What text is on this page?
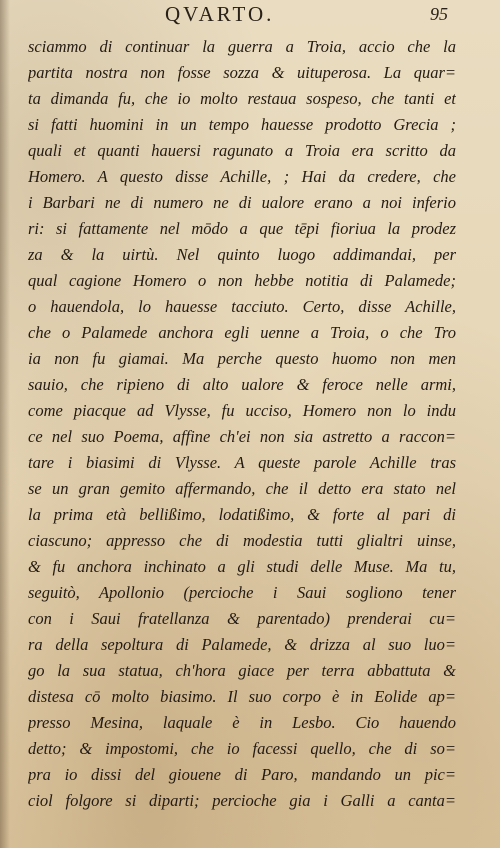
QVARTO.	95
sciammo di continuar la guerra a Troia, accio che la
partita nostra non fosse sozza & uituperosa. La quar=
ta dimanda fu, che io molto restaua sospeso, che tanti et
si fatti huomini in un tempo hauesse prodotto Grecia ;
quali et quanti hauersi ragunato a Troia era scritto da
Homero. A questo disse Achille, ; Hai da credere, che
i Barbari ne di numero ne di ualore erano a noi inferio
ri: si fattamente nel mōdo a que tēpi fioriua la prodez
za & la uirtù. Nel quinto luogo addimandai, per
qual cagione Homero o non hebbe notitia di Palamede;
o hauendola, lo hauesse tacciuto. Certo, disse Achille,
che o Palamede anchora egli uenne a Troia, o che Tro
ia non fu giamai. Ma perche questo huomo non men
sauio, che ripieno di alto ualore & feroce nelle armi,
come piacque ad Vlysse, fu ucciso, Homero non lo indu
ce nel suo Poema, affine ch'ei non sia astretto a raccon=
tare i biasimi di Vlysse. A queste parole Achille tras
se un gran gemito affermando, che il detto era stato nel
la prima età bellißimo, lodatißimo, & forte al pari di
ciascuno; appresso che di modestia tutti glialtri uinse,
& fu anchora inchinato a gli studi delle Muse. Ma tu,
seguitò, Apollonio (percioche i Saui sogliono tener
con i Saui fratellanza & parentado) prenderai cu=
ra della sepoltura di Palamede, & drizza al suo luo=
go la sua statua, ch'hora giace per terra abbattuta &
distesa cō molto biasimo. Il suo corpo è in Eolide ap=
presso Mesina, laquale è in Lesbo. Cio hauendo
detto; & impostomi, che io facessi quello, che di so=
pra io dissi del giouene di Paro, mandando un pic=
ciol folgore si diparti; percioche gia i Galli a canta=
